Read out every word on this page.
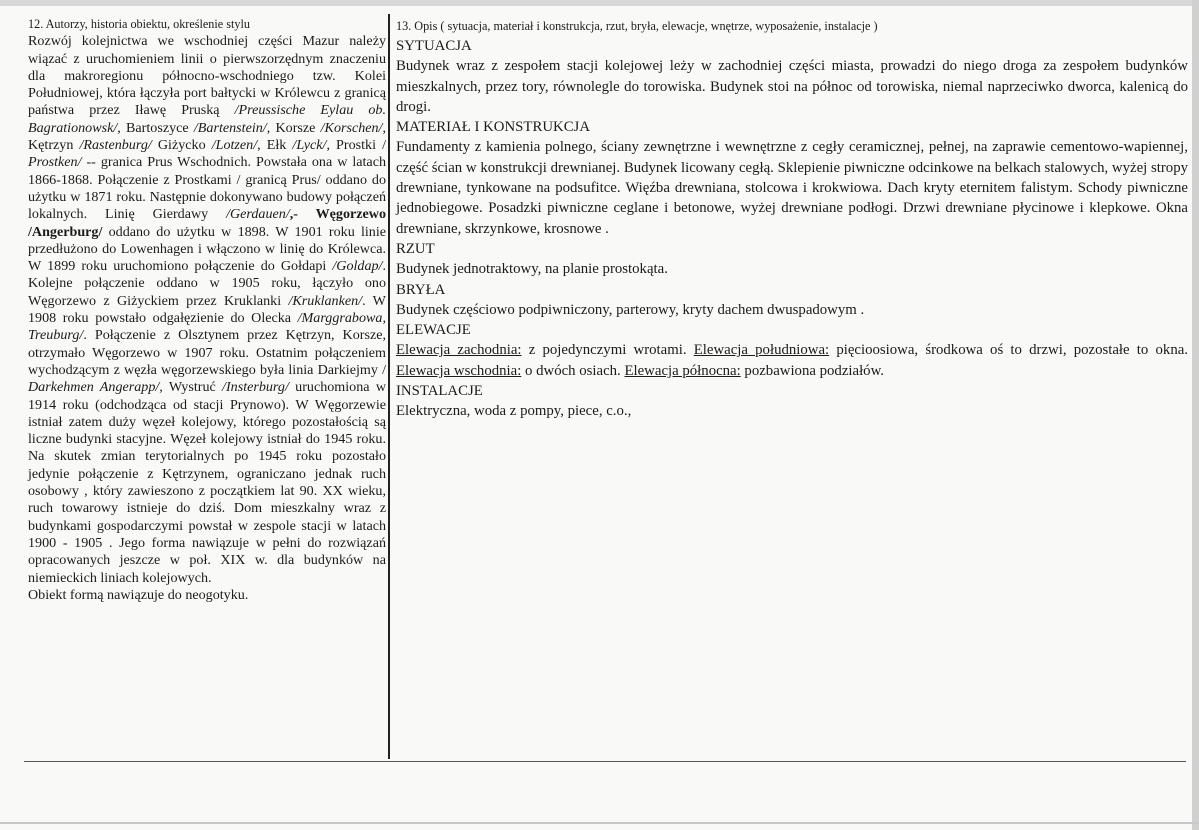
12. Autorzy, historia obiektu, określenie stylu

Rozwój kolejnictwa we wschodniej części Mazur należy wiązać z uruchomieniem linii o pierwszorzędnym znaczeniu dla makroregionu północno-wschodniego tzw. Kolei Południowej, która łączyła port bałtycki w Królewcu z granicą państwa przez Iławę Pruską /Preussische Eylau ob. Bagrationowsk/, Bartoszyce /Bartenstein/, Korsze /Korschen/, Kętrzyn /Rastenburg/ Giżycko /Lotzen/, Ełk /Lyck/, Prostki / Prostken/ -- granica Prus Wschodnich. Powstała ona w latach 1866-1868. Połączenie z Prostkami / granicą Prus/ oddano do użytku w 1871 roku. Następnie dokonywano budowy połączeń lokalnych. Linię Gierdawy /Gerdauen/,- Węgorzewo /Angerburg/ oddano do użytku w 1898. W 1901 roku linie przedłużono do Lowenhagen i włączono w linię do Królewca. W 1899 roku uruchomiono połączenie do Gołdapi /Goldap/. Kolejne połączenie oddano w 1905 roku, łączyło ono Węgorzewo z Giżyckiem przez Kruklanki /Kruklanken/. W 1908 roku powstało odgałęzienie do Olecka /Marggrabowa, Treuburg/. Połączenie z Olsztynem przez Kętrzyn, Korsze, otrzymało Węgorzewo w 1907 roku. Ostatnim połączeniem wychodzącym z węzła węgorzewskiego była linia Darkiejmy / Darkehmen Angerapp/, Wystruć /Insterburg/ uruchomiona w 1914 roku (odchodząca od stacji Prynowo). W Węgorzewie istniał zatem duży węzeł kolejowy, którego pozostałością są liczne budynki stacyjne. Węzeł kolejowy istniał do 1945 roku. Na skutek zmian terytorialnych po 1945 roku pozostało jedynie połączenie z Kętrzynem, ograniczano jednak ruch osobowy , który zawieszono z początkiem lat 90. XX wieku, ruch towarowy istnieje do dziś. Dom mieszkalny wraz z budynkami gospodarczymi powstał w zespole stacji w latach 1900 - 1905 . Jego forma nawiązuje w pełni do rozwiązań opracowanych jeszcze w poł. XIX w. dla budynków na niemieckich liniach kolejowych.

Obiekt formą nawiązuje do neogotyku.

13. Opis ( sytuacja, materiał i konstrukcja, rzut, bryła, elewacje, wnętrze, wyposażenie, instalacje )

SYTUACJA

Budynek wraz z zespołem stacji kolejowej leży w zachodniej części miasta, prowadzi do niego droga za zespołem budynków mieszkalnych, przez tory, równolegle do torowiska. Budynek stoi na północ od torowiska, niemal naprzeciwko dworca, kalenicą do drogi.

MATERIAŁ I KONSTRUKCJA

Fundamenty z kamienia polnego, ściany zewnętrzne i wewnętrzne z cegły ceramicznej, pełnej, na zaprawie cementowo-wapiennej, część ścian w konstrukcji drewnianej. Budynek licowany cegłą. Sklepienie piwniczne odcinkowe na belkach stalowych, wyżej stropy drewniane, tynkowane na podsufitce. Więźba drewniana, stolcowa i krokwiowa. Dach kryty eternitem falistym. Schody piwniczne jednobiegowe. Posadzki piwniczne ceglane i betonowe, wyżej drewniane podłogi. Drzwi drewniane płycinowe i klepkowe. Okna drewniane, skrzynkowe, krosnowe .

RZUT

Budynek jednotraktowy, na planie prostokąta.

BRYŁA

Budynek częściowo podpiwniczony, parterowy, kryty dachem dwuspadowym .

ELEWACJE

Elewacja zachodnia: z pojedynczymi wrotami. Elewacja południowa: pięcioosiowa, środkowa oś to drzwi, pozostałe to okna. Elewacja wschodnia: o dwóch osiach. Elewacja północna: pozbawiona podziałów.

INSTALACJE

Elektryczna, woda z pompy, piece, c.o.,
